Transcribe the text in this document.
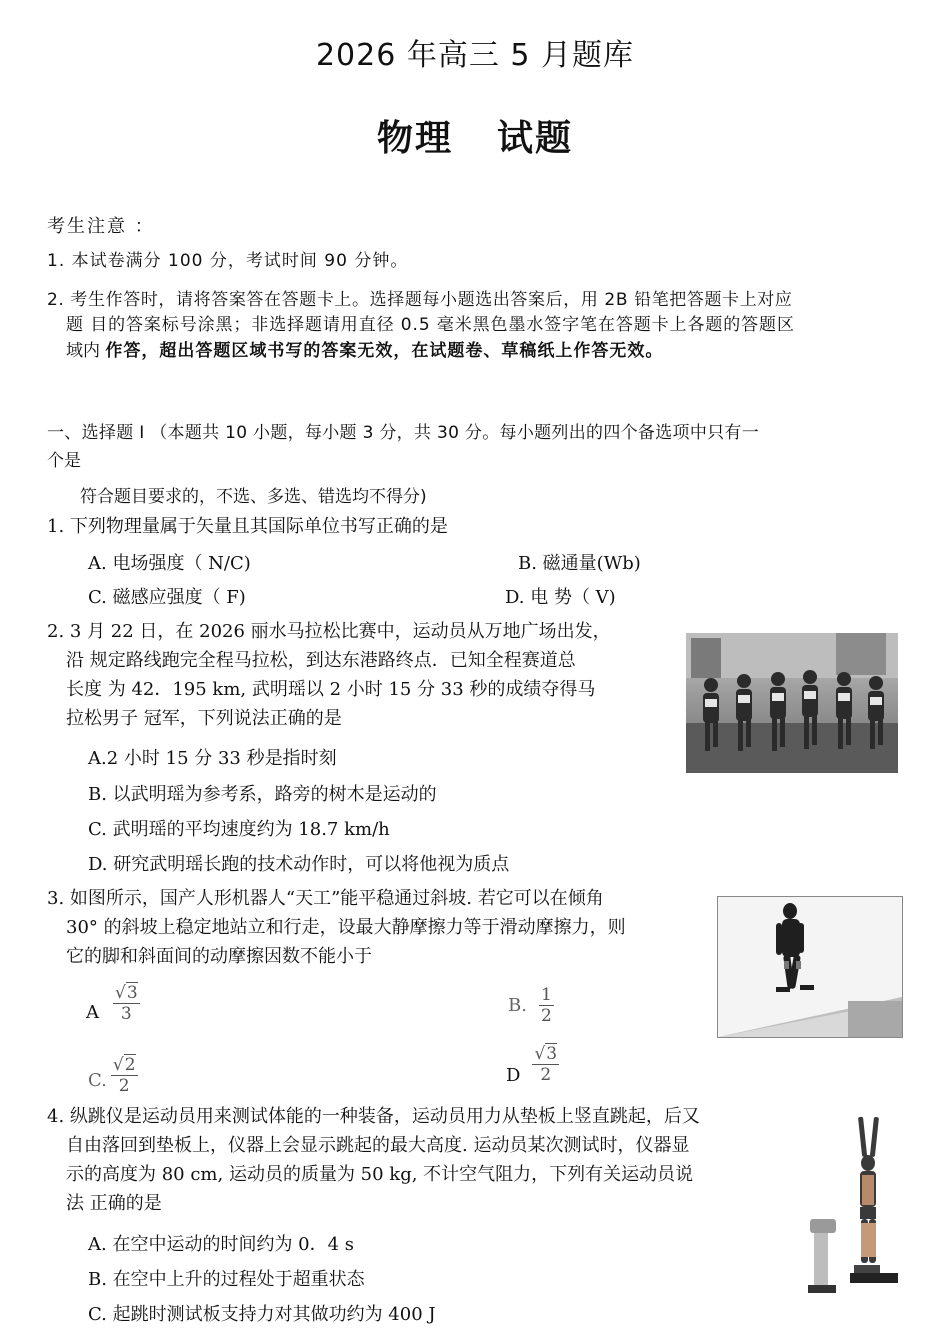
2026 年高三 5 月题库
物理    试题
考生注意 ：
1. 本试卷满分 100 分，考试时间 90 分钟。
2. 考生作答时，请将答案答在答题卡上。选择题每小题选出答案后，用 2B 铅笔把答题卡上对应
题 目的答案标号涂黑；非选择题请用直径 0.5 毫米黑色墨水签字笔在答题卡上各题的答题区
域内 作答，超出答题区域书写的答案无效，在试题卷、草稿纸上作答无效。
一、选择题 I （本题共 10 小题，每小题 3 分，共 30 分。每小题列出的四个备选项中只有一
个是
符合题目要求的，不选、多选、错选均不得分)
1. 下列物理量属于矢量且其国际单位书写正确的是
A. 电场强度（ N/C)	B. 磁通量(Wb)
C. 磁感应强度（ F)	D. 电 势（ V)
2. 3 月 22 日，在 2026 丽水马拉松比赛中，运动员从万地广场出发，
沿 规定路线跑完全程马拉松，到达东港路终点．已知全程赛道总
长度 为 42．195 km, 武明瑶以 2 小时 15 分 33 秒的成绩夺得马
拉松男子 冠军，下列说法正确的是
A.2 小时 15 分 33 秒是指时刻
B. 以武明瑶为参考系，路旁的树木是运动的
C. 武明瑶的平均速度约为 18.7 km/h
D. 研究武明瑶长跑的技术动作时，可以将他视为质点
3. 如图所示，国产人形机器人“天工”能平稳通过斜坡. 若它可以在倾角
30° 的斜坡上稳定地站立和行走，设最大静摩擦力等于滑动摩擦力，则
它的脚和斜面间的动摩擦因数不能小于
A $\frac{√3}{3}$	B. $\frac{1}{2}$
C. $\frac{√2}{2}$	D $\frac{√3}{2}$
4. 纵跳仪是运动员用来测试体能的一种装备，运动员用力从垫板上竖直跳起，后又
自由落回到垫板上，仪器上会显示跳起的最大高度. 运动员某次测试时，仪器显
示的高度为 80 cm, 运动员的质量为 50 kg, 不计空气阻力，下列有关运动员说
法 正确的是
A. 在空中运动的时间约为 0．4 s
B. 在空中上升的过程处于超重状态
C. 起跳时测试板支持力对其做功约为 400 J
